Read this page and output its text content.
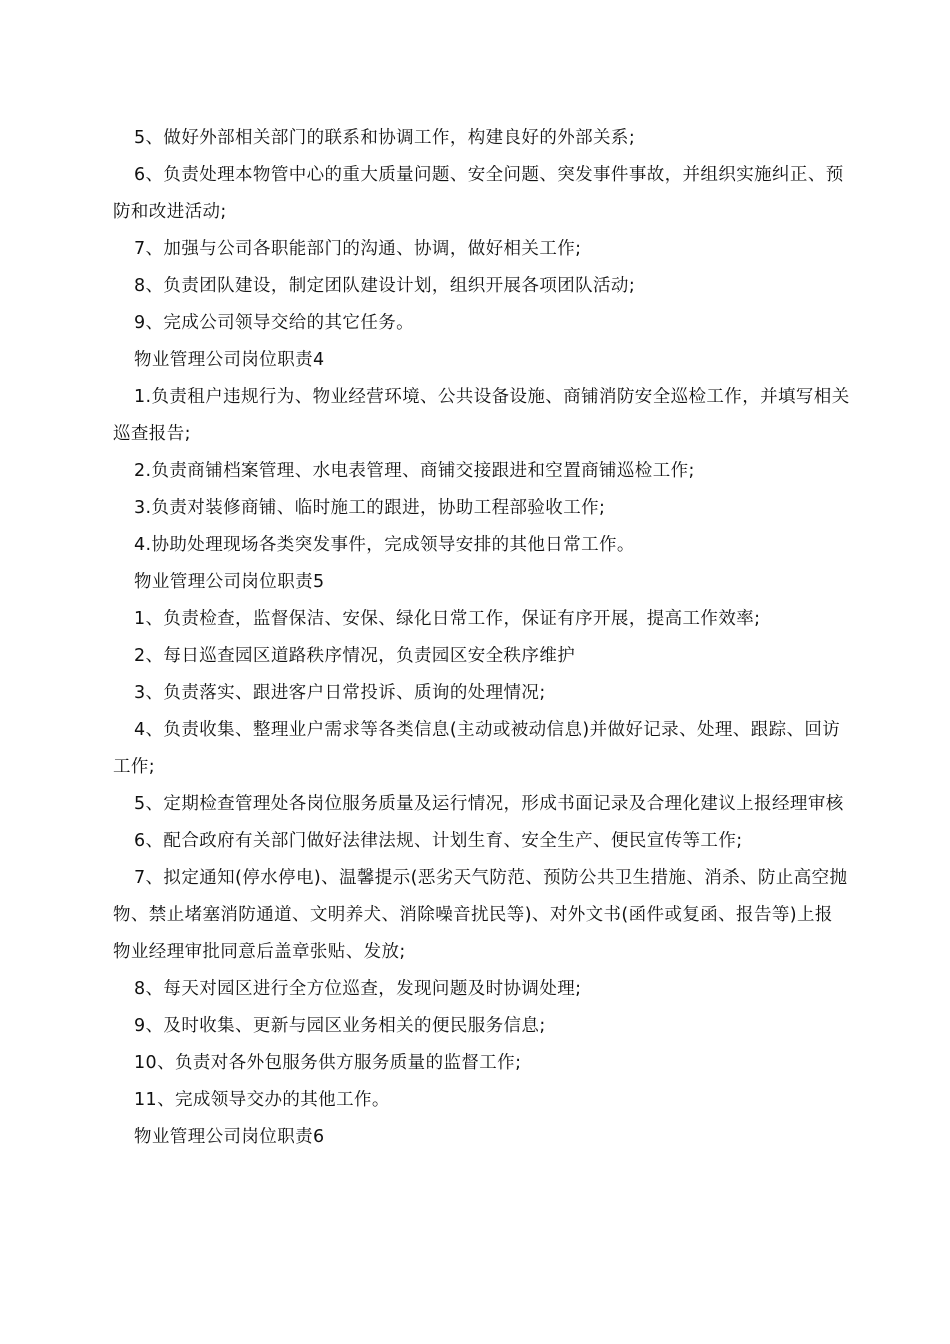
5、做好外部相关部门的联系和协调工作，构建良好的外部关系;

6、负责处理本物管中心的重大质量问题、安全问题、突发事件事故，并组织实施纠正、预防和改进活动;

7、加强与公司各职能部门的沟通、协调，做好相关工作;

8、负责团队建设，制定团队建设计划，组织开展各项团队活动;

9、完成公司领导交给的其它任务。

物业管理公司岗位职责4

1.负责租户违规行为、物业经营环境、公共设备设施、商铺消防安全巡检工作，并填写相关巡查报告;

2.负责商铺档案管理、水电表管理、商铺交接跟进和空置商铺巡检工作;

3.负责对装修商铺、临时施工的跟进，协助工程部验收工作;

4.协助处理现场各类突发事件，完成领导安排的其他日常工作。

物业管理公司岗位职责5

1、负责检查，监督保洁、安保、绿化日常工作，保证有序开展，提高工作效率;

2、每日巡查园区道路秩序情况，负责园区安全秩序维护

3、负责落实、跟进客户日常投诉、质询的处理情况;

4、负责收集、整理业户需求等各类信息(主动或被动信息)并做好记录、处理、跟踪、回访工作;

5、定期检查管理处各岗位服务质量及运行情况，形成书面记录及合理化建议上报经理审核

6、配合政府有关部门做好法律法规、计划生育、安全生产、便民宣传等工作;

7、拟定通知(停水停电)、温馨提示(恶劣天气防范、预防公共卫生措施、消杀、防止高空抛物、禁止堵塞消防通道、文明养犬、消除噪音扰民等)、对外文书(函件或复函、报告等)上报物业经理审批同意后盖章张贴、发放;

8、每天对园区进行全方位巡查，发现问题及时协调处理;

9、及时收集、更新与园区业务相关的便民服务信息;

10、负责对各外包服务供方服务质量的监督工作;

11、完成领导交办的其他工作。

物业管理公司岗位职责6
